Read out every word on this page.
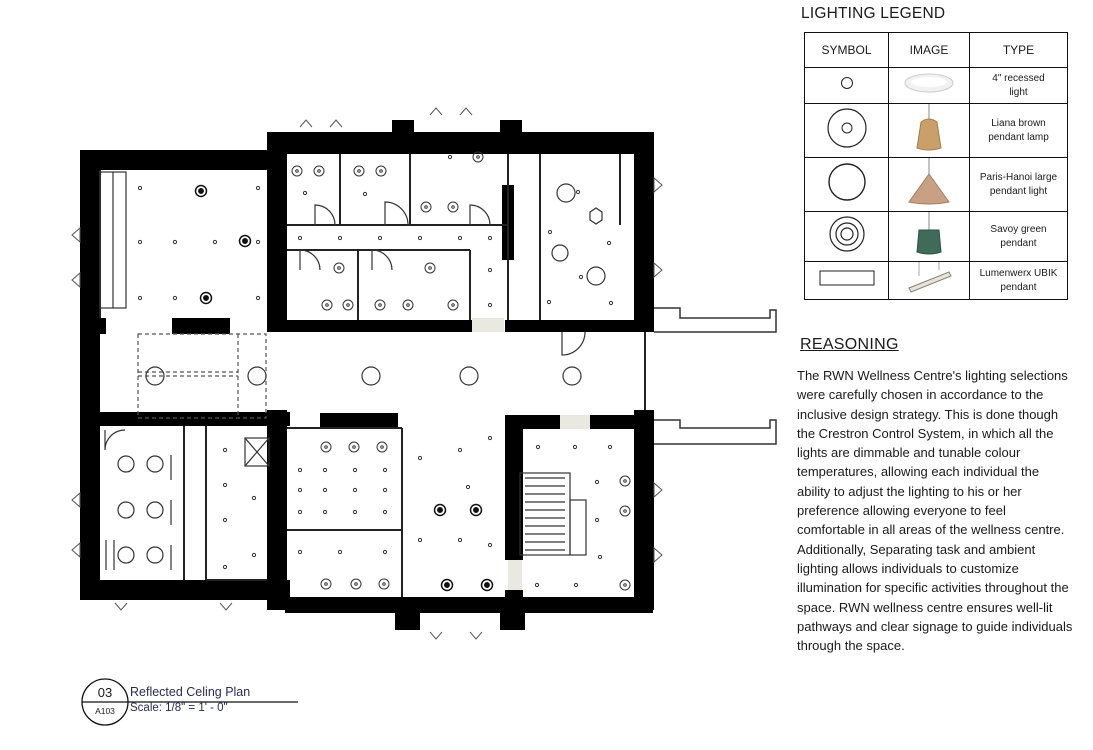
LIGHTING LEGEND
SYMBOL	IMAGE	TYPE

4" recessed
light

Liana brown
pendant lamp

Paris-Hanoi large
pendant light

Savoy green
pendant

Lumenwerx UBIK
pendant
REASONING
The RWN Wellness Centre's lighting selections were carefully chosen in accordance to the inclusive design strategy. This is done though the Crestron Control System, in which all the lights are dimmable and tunable colour temperatures, allowing each individual the ability to adjust the lighting to his or her preference allowing everyone to feel comfortable in all areas of the wellness centre. Additionally, Separating task and ambient lighting allows individuals to customize illumination for specific activities throughout the space. RWN wellness centre ensures well-lit pathways and clear signage to guide individuals through the space.
03
A103
Reflected Celing Plan
Scale: 1/8" = 1' - 0"
